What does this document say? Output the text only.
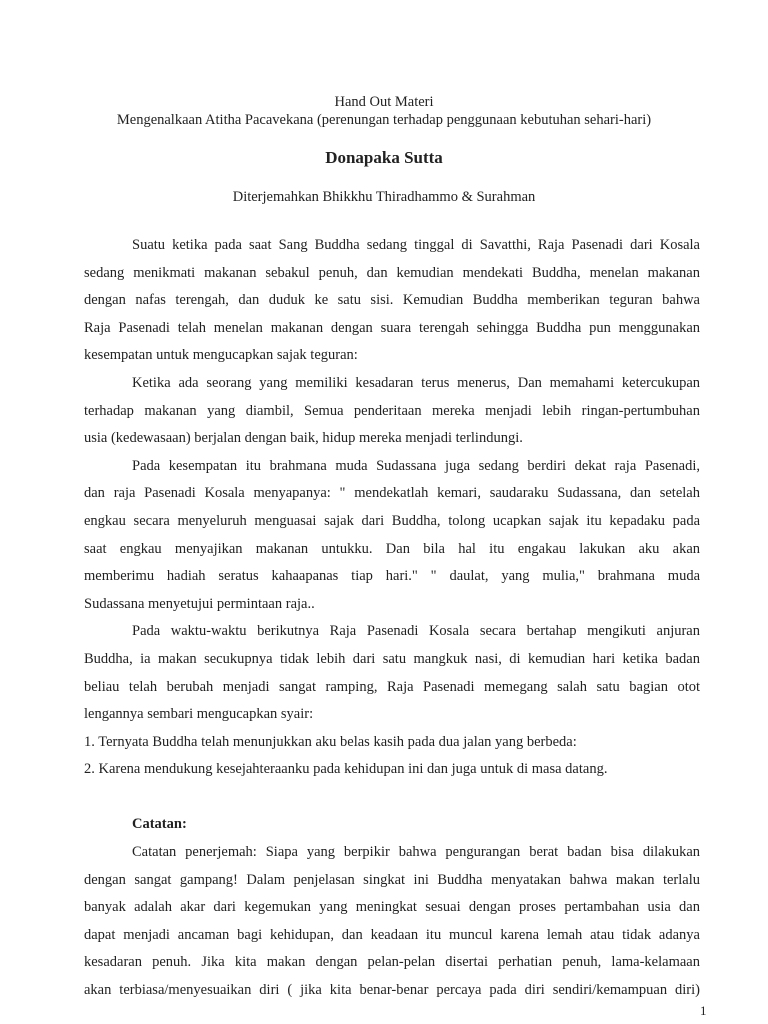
Hand Out Materi
Mengenalkaan Atitha Pacavekana (perenungan terhadap penggunaan kebutuhan sehari-hari)
Donapaka Sutta
Diterjemahkan Bhikkhu Thiradhammo & Surahman
Suatu ketika pada saat Sang Buddha sedang tinggal di Savatthi, Raja Pasenadi dari Kosala
sedang menikmati makanan sebakul penuh, dan kemudian mendekati Buddha, menelan makanan
dengan nafas terengah, dan duduk ke satu sisi. Kemudian Buddha memberikan teguran bahwa
Raja Pasenadi telah menelan makanan dengan suara terengah sehingga Buddha pun menggunakan
kesempatan untuk mengucapkan sajak teguran:
Ketika ada seorang yang memiliki kesadaran terus menerus, Dan memahami ketercukupan
terhadap makanan yang diambil, Semua penderitaan mereka menjadi lebih ringan-pertumbuhan
usia (kedewasaan) berjalan dengan baik, hidup mereka menjadi terlindungi.
Pada kesempatan itu brahmana muda Sudassana juga sedang berdiri dekat raja Pasenadi,
dan raja Pasenadi Kosala menyapanya: " mendekatlah kemari, saudaraku Sudassana, dan setelah
engkau secara menyeluruh menguasai sajak dari Buddha, tolong ucapkan sajak itu kepadaku pada
saat engkau menyajikan makanan untukku. Dan bila hal itu engakau lakukan aku akan
memberimu hadiah seratus kahaapanas tiap hari." " daulat, yang mulia," brahmana muda
Sudassana menyetujui permintaan raja..
Pada waktu-waktu berikutnya Raja Pasenadi Kosala secara bertahap mengikuti anjuran
Buddha, ia makan secukupnya tidak lebih dari satu mangkuk nasi, di kemudian hari ketika badan
beliau telah berubah menjadi sangat ramping, Raja Pasenadi memegang salah satu bagian otot
lengannya sembari mengucapkan syair:
1. Ternyata Buddha telah menunjukkan aku belas kasih pada dua jalan yang berbeda:
2. Karena mendukung kesejahteraanku pada kehidupan ini dan juga untuk di masa datang.
Catatan:
Catatan penerjemah: Siapa yang berpikir bahwa pengurangan berat badan bisa dilakukan
dengan sangat gampang! Dalam penjelasan singkat ini Buddha menyatakan bahwa makan terlalu
banyak adalah akar dari kegemukan yang meningkat sesuai dengan proses pertambahan usia dan
dapat menjadi ancaman bagi kehidupan, dan keadaan itu muncul karena lemah atau tidak adanya
kesadaran penuh. Jika kita makan dengan pelan-pelan disertai perhatian penuh, lama-kelamaan
akan terbiasa/menyesuaikan diri ( jika kita benar-benar percaya pada diri sendiri/kemampuan diri)
1
